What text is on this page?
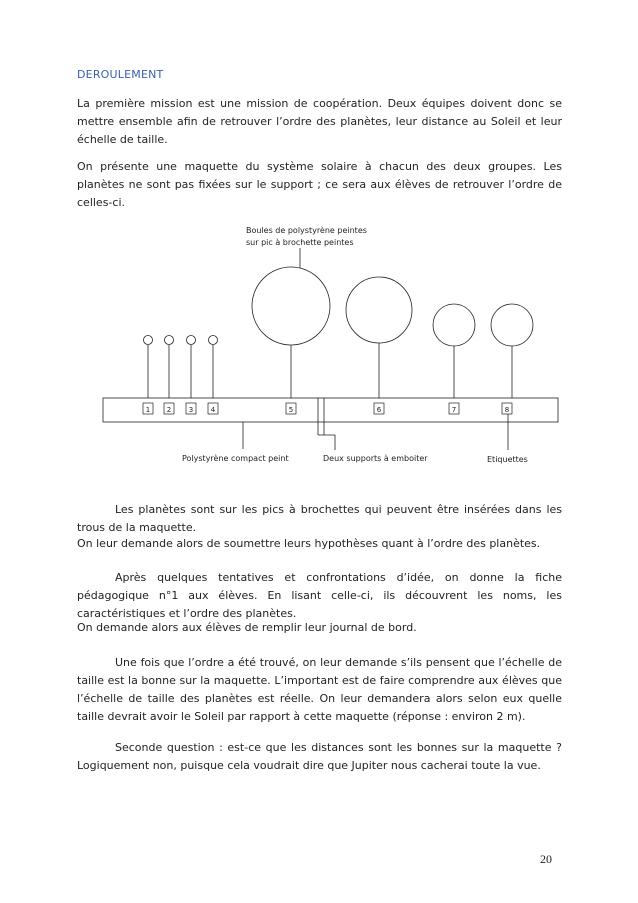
DEROULEMENT

La première mission est une mission de coopération. Deux équipes doivent donc se mettre ensemble afin de retrouver l’ordre des planètes, leur distance au Soleil et leur échelle de taille.

On présente une maquette du système solaire à chacun des deux groupes. Les planètes ne sont pas fixées sur le support ; ce sera aux élèves de retrouver l’ordre de celles-ci.

Boules de polystyrène peintes
sur pic à brochette peintes
1 2	3	4	5	6	7	8
Polystyrène compact peint	Deux supports à emboiter	Etiquettes

Les planètes sont sur les pics à brochettes qui peuvent être insérées dans les trous de la maquette.

On leur demande alors de soumettre leurs hypothèses quant à l’ordre des planètes.

Après quelques tentatives et confrontations d’idée, on donne la fiche pédagogique n°1 aux élèves. En lisant celle-ci, ils découvrent les noms, les caractéristiques et l’ordre des planètes.

On demande alors aux élèves de remplir leur journal de bord.

Une fois que l’ordre a été trouvé, on leur demande s’ils pensent que l’échelle de taille est la bonne sur la maquette. L’important est de faire comprendre aux élèves que l’échelle de taille des planètes est réelle. On leur demandera alors selon eux quelle taille devrait avoir le Soleil par rapport à cette maquette (réponse : environ 2 m).

Seconde question : est-ce que les distances sont les bonnes sur la maquette ? Logiquement non, puisque cela voudrait dire que Jupiter nous cacherai toute la vue.

20
